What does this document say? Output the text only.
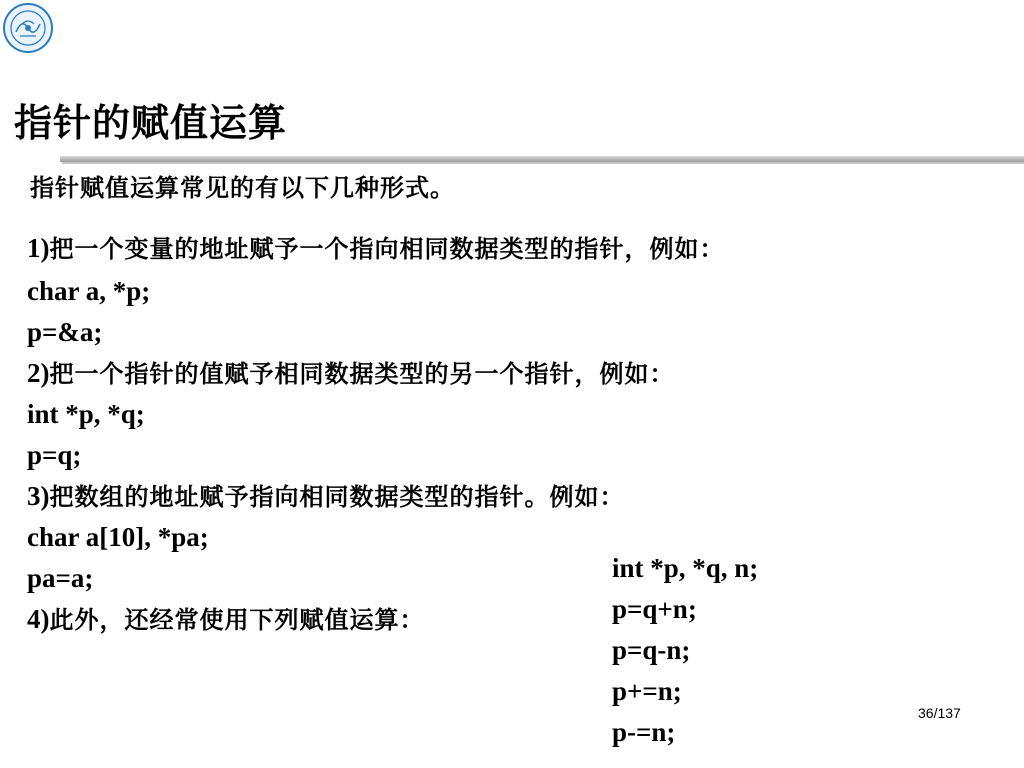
指针的赋值运算
指针赋值运算常见的有以下几种形式。
1)把一个变量的地址赋予一个指向相同数据类型的指针，例如：
char a, *p;
p=&a;
2)把一个指针的值赋予相同数据类型的另一个指针，例如：
int *p, *q;
p=q;
3)把数组的地址赋予指向相同数据类型的指针。例如：
char a[10], *pa;
pa=a;
4)此外，还经常使用下列赋值运算：
int *p, *q, n;
p=q+n;
p=q-n;
p+=n;
p-=n;
36/137
